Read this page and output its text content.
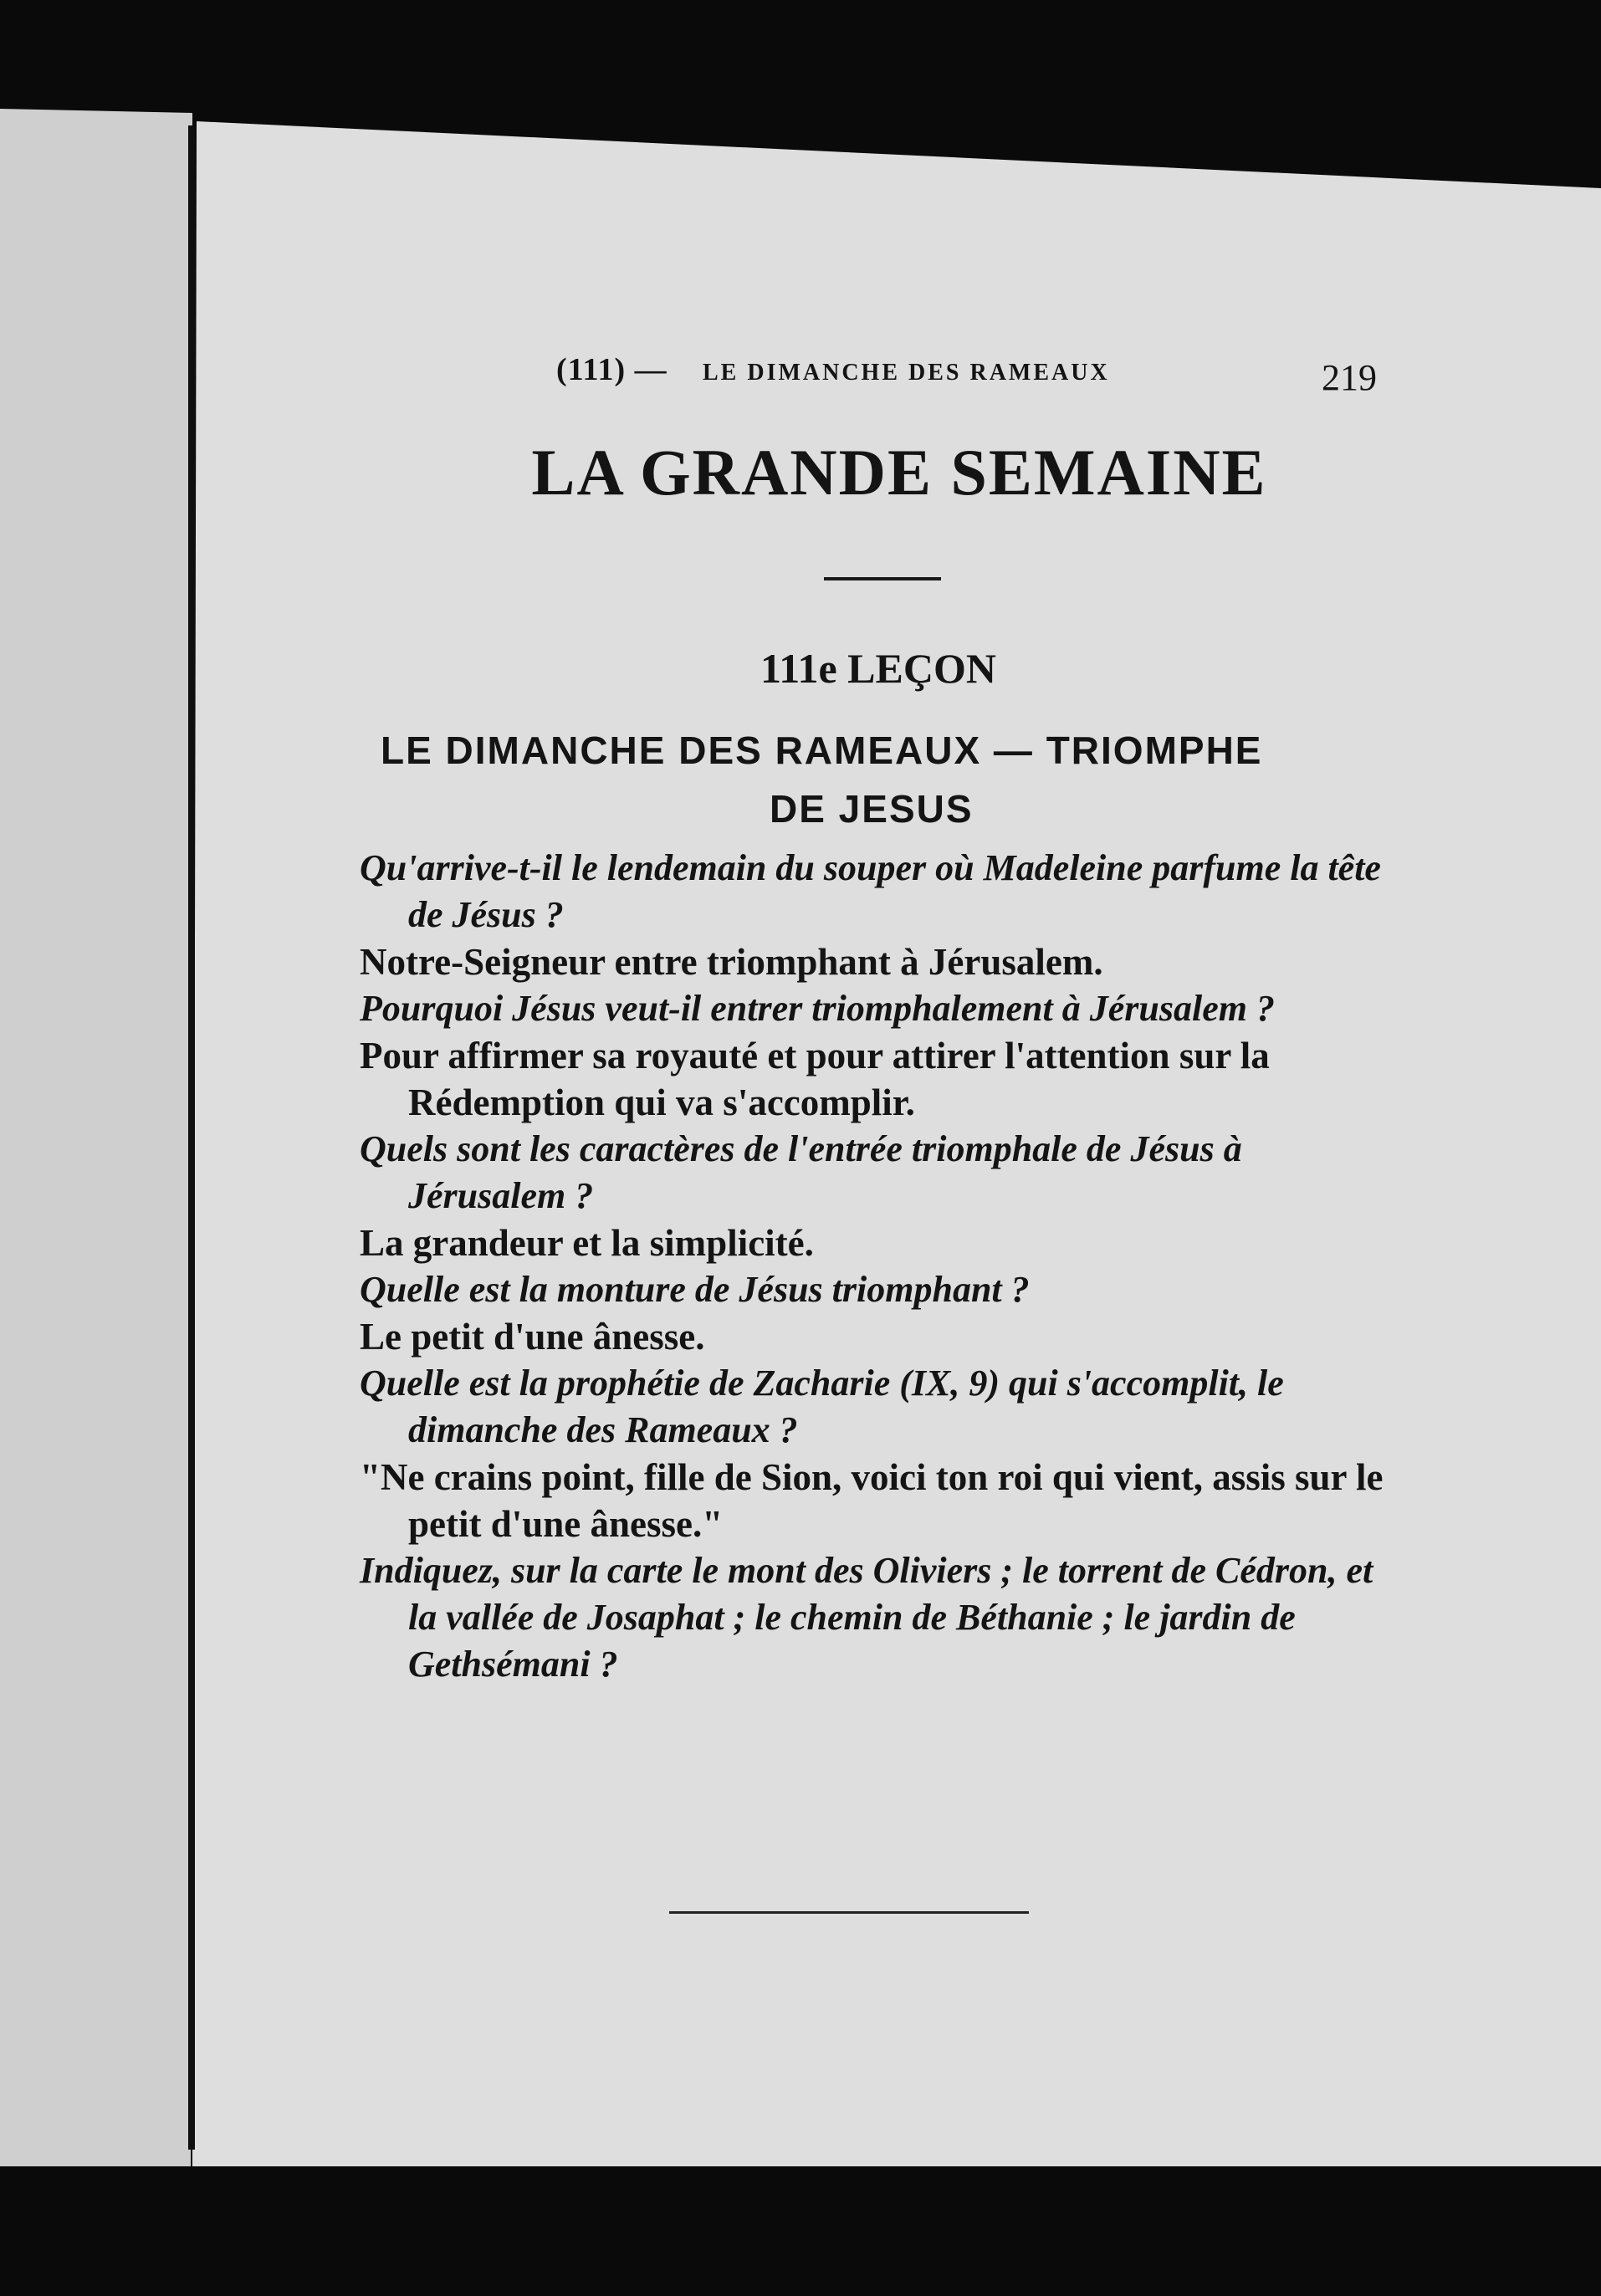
(111) — LE DIMANCHE DES RAMEAUX	219
LA GRANDE SEMAINE
111e LEÇON
LE DIMANCHE DES RAMEAUX — TRIOMPHE
DE JESUS

Qu'arrive-t-il le lendemain du souper où Madeleine parfume la tête de Jésus ?

Notre-Seigneur entre triomphant à Jérusalem.

Pourquoi Jésus veut-il entrer triomphalement à Jérusalem ?

Pour affirmer sa royauté et pour attirer l'attention sur la Rédemption qui va s'accomplir.

Quels sont les caractères de l'entrée triomphale de Jésus à Jérusalem ?

La grandeur et la simplicité.

Quelle est la monture de Jésus triomphant ?

Le petit d'une ânesse.

Quelle est la prophétie de Zacharie (IX, 9) qui s'accomplit, le dimanche des Rameaux ?

"Ne crains point, fille de Sion, voici ton roi qui vient, assis sur le petit d'une ânesse."

Indiquez, sur la carte le mont des Oliviers ; le torrent de Cédron, et la vallée de Josaphat ; le chemin de Béthanie ; le jardin de Gethsémani ?
